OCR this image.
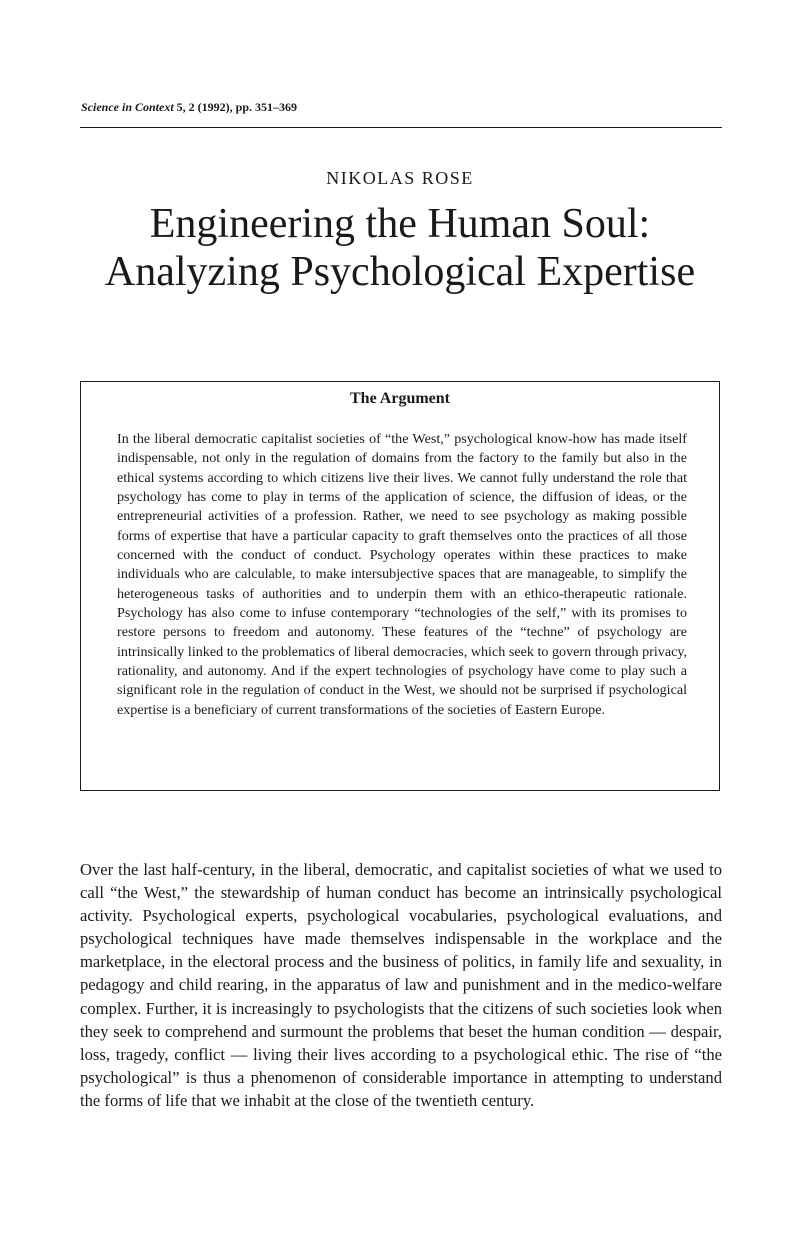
Science in Context 5, 2 (1992), pp. 351–369
NIKOLAS ROSE
Engineering the Human Soul:
Analyzing Psychological Expertise
The Argument
In the liberal democratic capitalist societies of “the West,” psychological know-how has made itself indispensable, not only in the regulation of domains from the factory to the family but also in the ethical systems according to which citizens live their lives. We cannot fully understand the role that psychology has come to play in terms of the application of science, the diffusion of ideas, or the entrepreneurial activities of a profession. Rather, we need to see psychology as making possible forms of expertise that have a particular capacity to graft themselves onto the practices of all those concerned with the conduct of conduct. Psychology operates within these practices to make individuals who are calculable, to make intersubjective spaces that are manageable, to simplify the heterogeneous tasks of authorities and to underpin them with an ethico-therapeutic rationale. Psychology has also come to infuse contemporary “technologies of the self,” with its promises to restore persons to freedom and autonomy. These features of the “techne” of psychology are intrinsically linked to the problematics of liberal democracies, which seek to govern through privacy, rationality, and autonomy. And if the expert technologies of psychology have come to play such a significant role in the regulation of conduct in the West, we should not be surprised if psychological expertise is a beneficiary of current transformations of the societies of Eastern Europe.
Over the last half-century, in the liberal, democratic, and capitalist societies of what we used to call “the West,” the stewardship of human conduct has become an intrinsically psychological activity. Psychological experts, psychological vocabularies, psychological evaluations, and psychological techniques have made themselves indispensable in the workplace and the marketplace, in the electoral process and the business of politics, in family life and sexuality, in pedagogy and child rearing, in the apparatus of law and punishment and in the medico-welfare complex. Further, it is increasingly to psychologists that the citizens of such societies look when they seek to comprehend and surmount the problems that beset the human condition — despair, loss, tragedy, conflict — living their lives according to a psychological ethic. The rise of “the psychological” is thus a phenomenon of considerable importance in attempting to understand the forms of life that we inhabit at the close of the twentieth century.
